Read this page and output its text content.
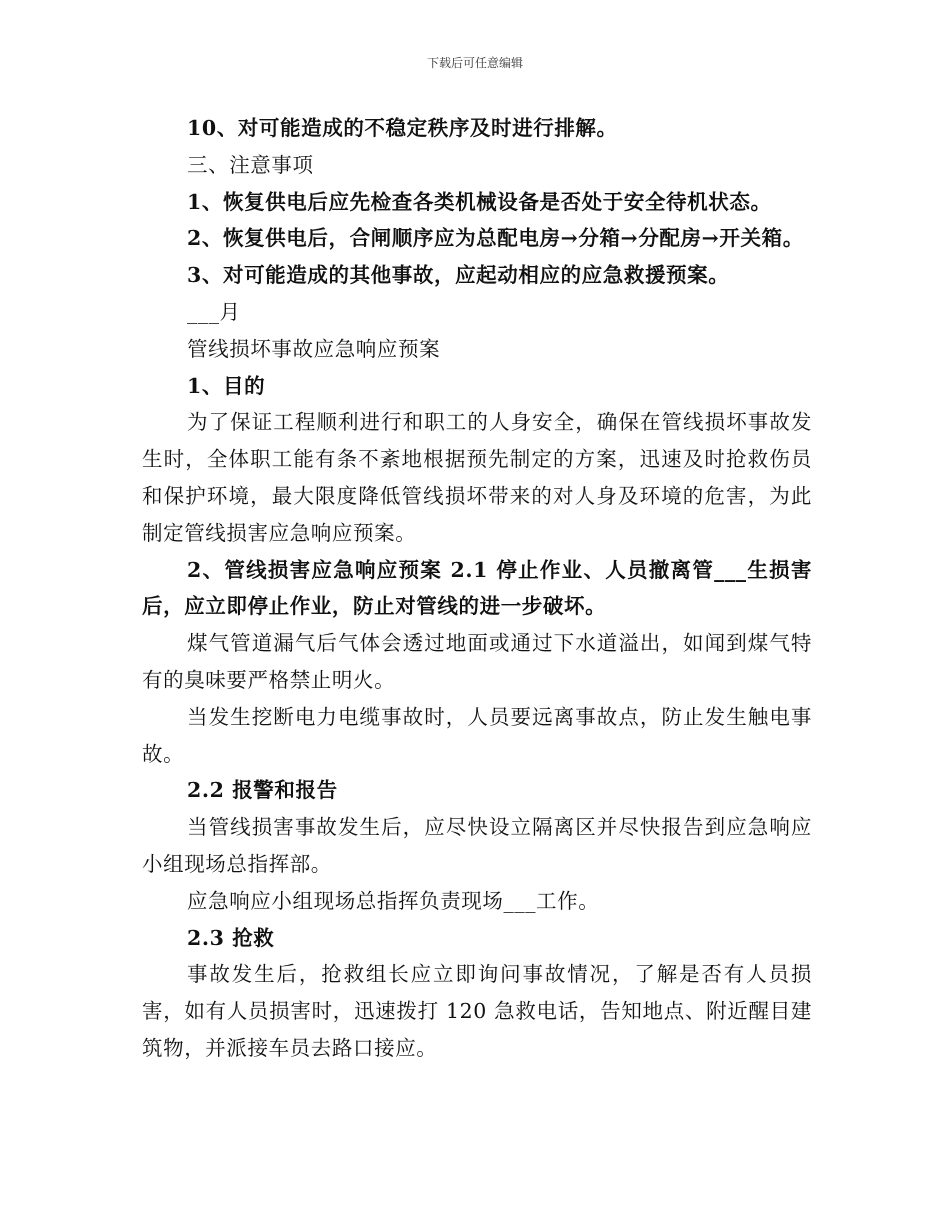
下载后可任意编辑
10、对可能造成的不稳定秩序及时进行排解。
三、注意事项
1、恢复供电后应先检查各类机械设备是否处于安全待机状态。
2、恢复供电后，合闸顺序应为总配电房→分箱→分配房→开关箱。
3、对可能造成的其他事故，应起动相应的应急救援预案。
___月
管线损坏事故应急响应预案
1、目的
为了保证工程顺利进行和职工的人身安全，确保在管线损坏事故发生时，全体职工能有条不紊地根据预先制定的方案，迅速及时抢救伤员和保护环境，最大限度降低管线损坏带来的对人身及环境的危害，为此制定管线损害应急响应预案。
2、管线损害应急响应预案 2.1 停止作业、人员撤离管___生损害后，应立即停止作业，防止对管线的进一步破坏。
煤气管道漏气后气体会透过地面或通过下水道溢出，如闻到煤气特有的臭味要严格禁止明火。
当发生挖断电力电缆事故时，人员要远离事故点，防止发生触电事故。
2.2 报警和报告
当管线损害事故发生后，应尽快设立隔离区并尽快报告到应急响应小组现场总指挥部。
应急响应小组现场总指挥负责现场___工作。
2.3 抢救
事故发生后，抢救组长应立即询问事故情况，了解是否有人员损害，如有人员损害时，迅速拨打 120 急救电话，告知地点、附近醒目建筑物，并派接车员去路口接应。
